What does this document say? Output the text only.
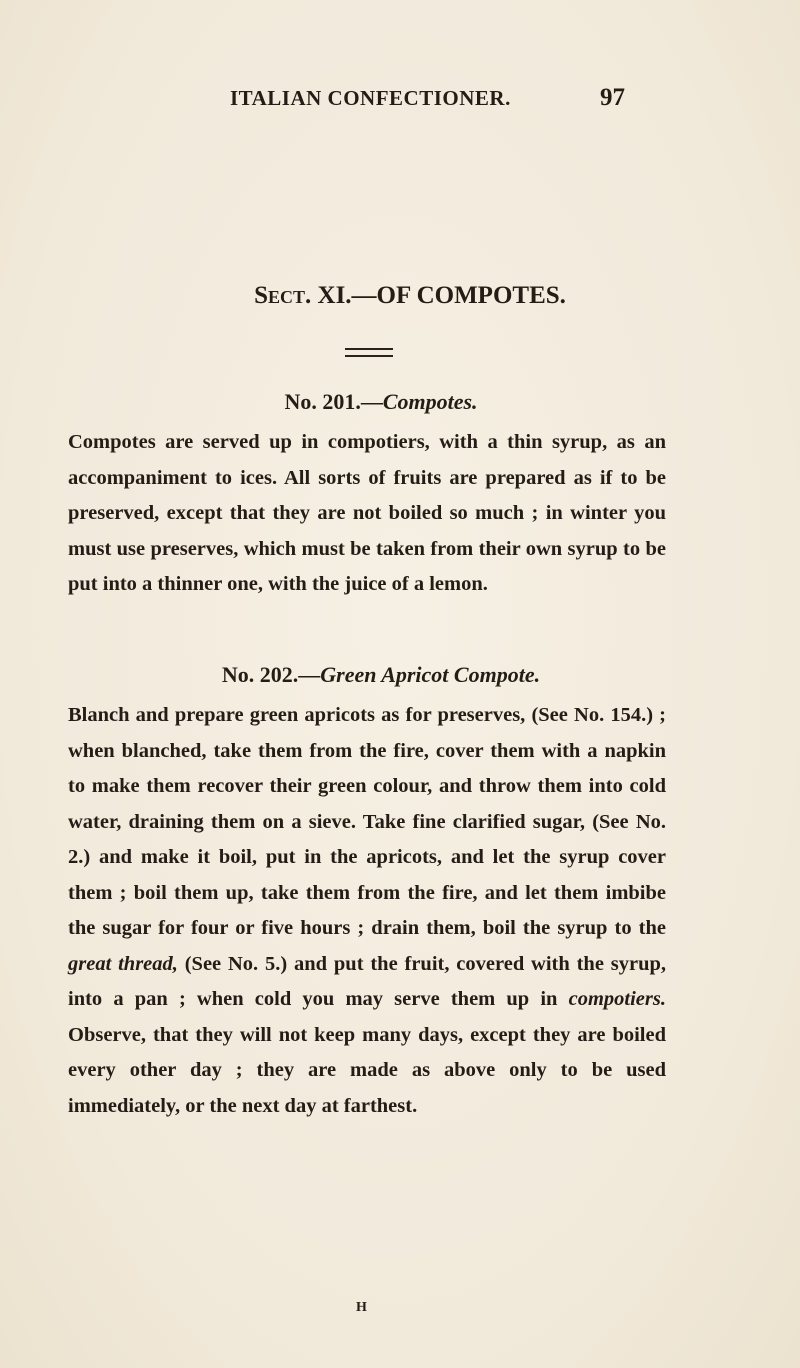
ITALIAN CONFECTIONER.	97
Sect. XI.—OF COMPOTES.
No. 201.—Compotes.

Compotes are served up in compotiers, with a thin syrup, as an accompaniment to ices. All sorts of fruits are prepared as if to be preserved, except that they are not boiled so much ; in winter you must use preserves, which must be taken from their own syrup to be put into a thinner one, with the juice of a lemon.

No. 202.—Green Apricot Compote.

Blanch and prepare green apricots as for preserves, (See No. 154.) ; when blanched, take them from the fire, cover them with a napkin to make them recover their green colour, and throw them into cold water, draining them on a sieve. Take fine clarified sugar, (See No. 2.) and make it boil, put in the apricots, and let the syrup cover them ; boil them up, take them from the fire, and let them imbibe the sugar for four or five hours ; drain them, boil the syrup to the great thread, (See No. 5.) and put the fruit, covered with the syrup, into a pan ; when cold you may serve them up in compotiers. Observe, that they will not keep many days, except they are boiled every other day ; they are made as above only to be used immediately, or the next day at farthest.

H
